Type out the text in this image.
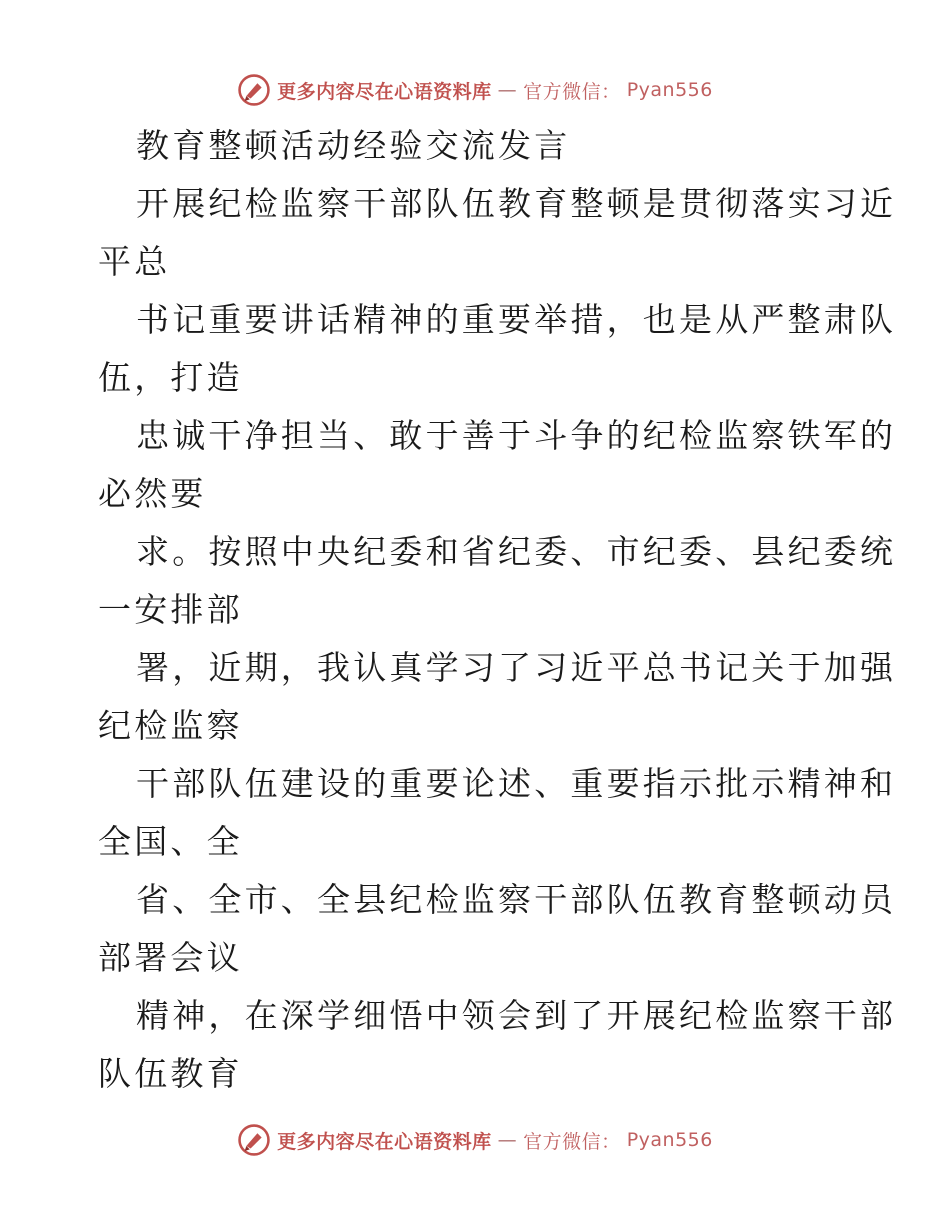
更多内容尽在心语资料库 — 官方微信： Pyan556
教育整顿活动经验交流发言
开展纪检监察干部队伍教育整顿是贯彻落实习近
平总
书记重要讲话精神的重要举措，也是从严整肃队
伍，打造
忠诚干净担当、敢于善于斗争的纪检监察铁军的
必然要
求。按照中央纪委和省纪委、市纪委、县纪委统
一安排部
署，近期，我认真学习了习近平总书记关于加强
纪检监察
干部队伍建设的重要论述、重要指示批示精神和
全国、全
省、全市、全县纪检监察干部队伍教育整顿动员
部署会议
精神，在深学细悟中领会到了开展纪检监察干部
队伍教育
更多内容尽在心语资料库 — 官方微信： Pyan556
